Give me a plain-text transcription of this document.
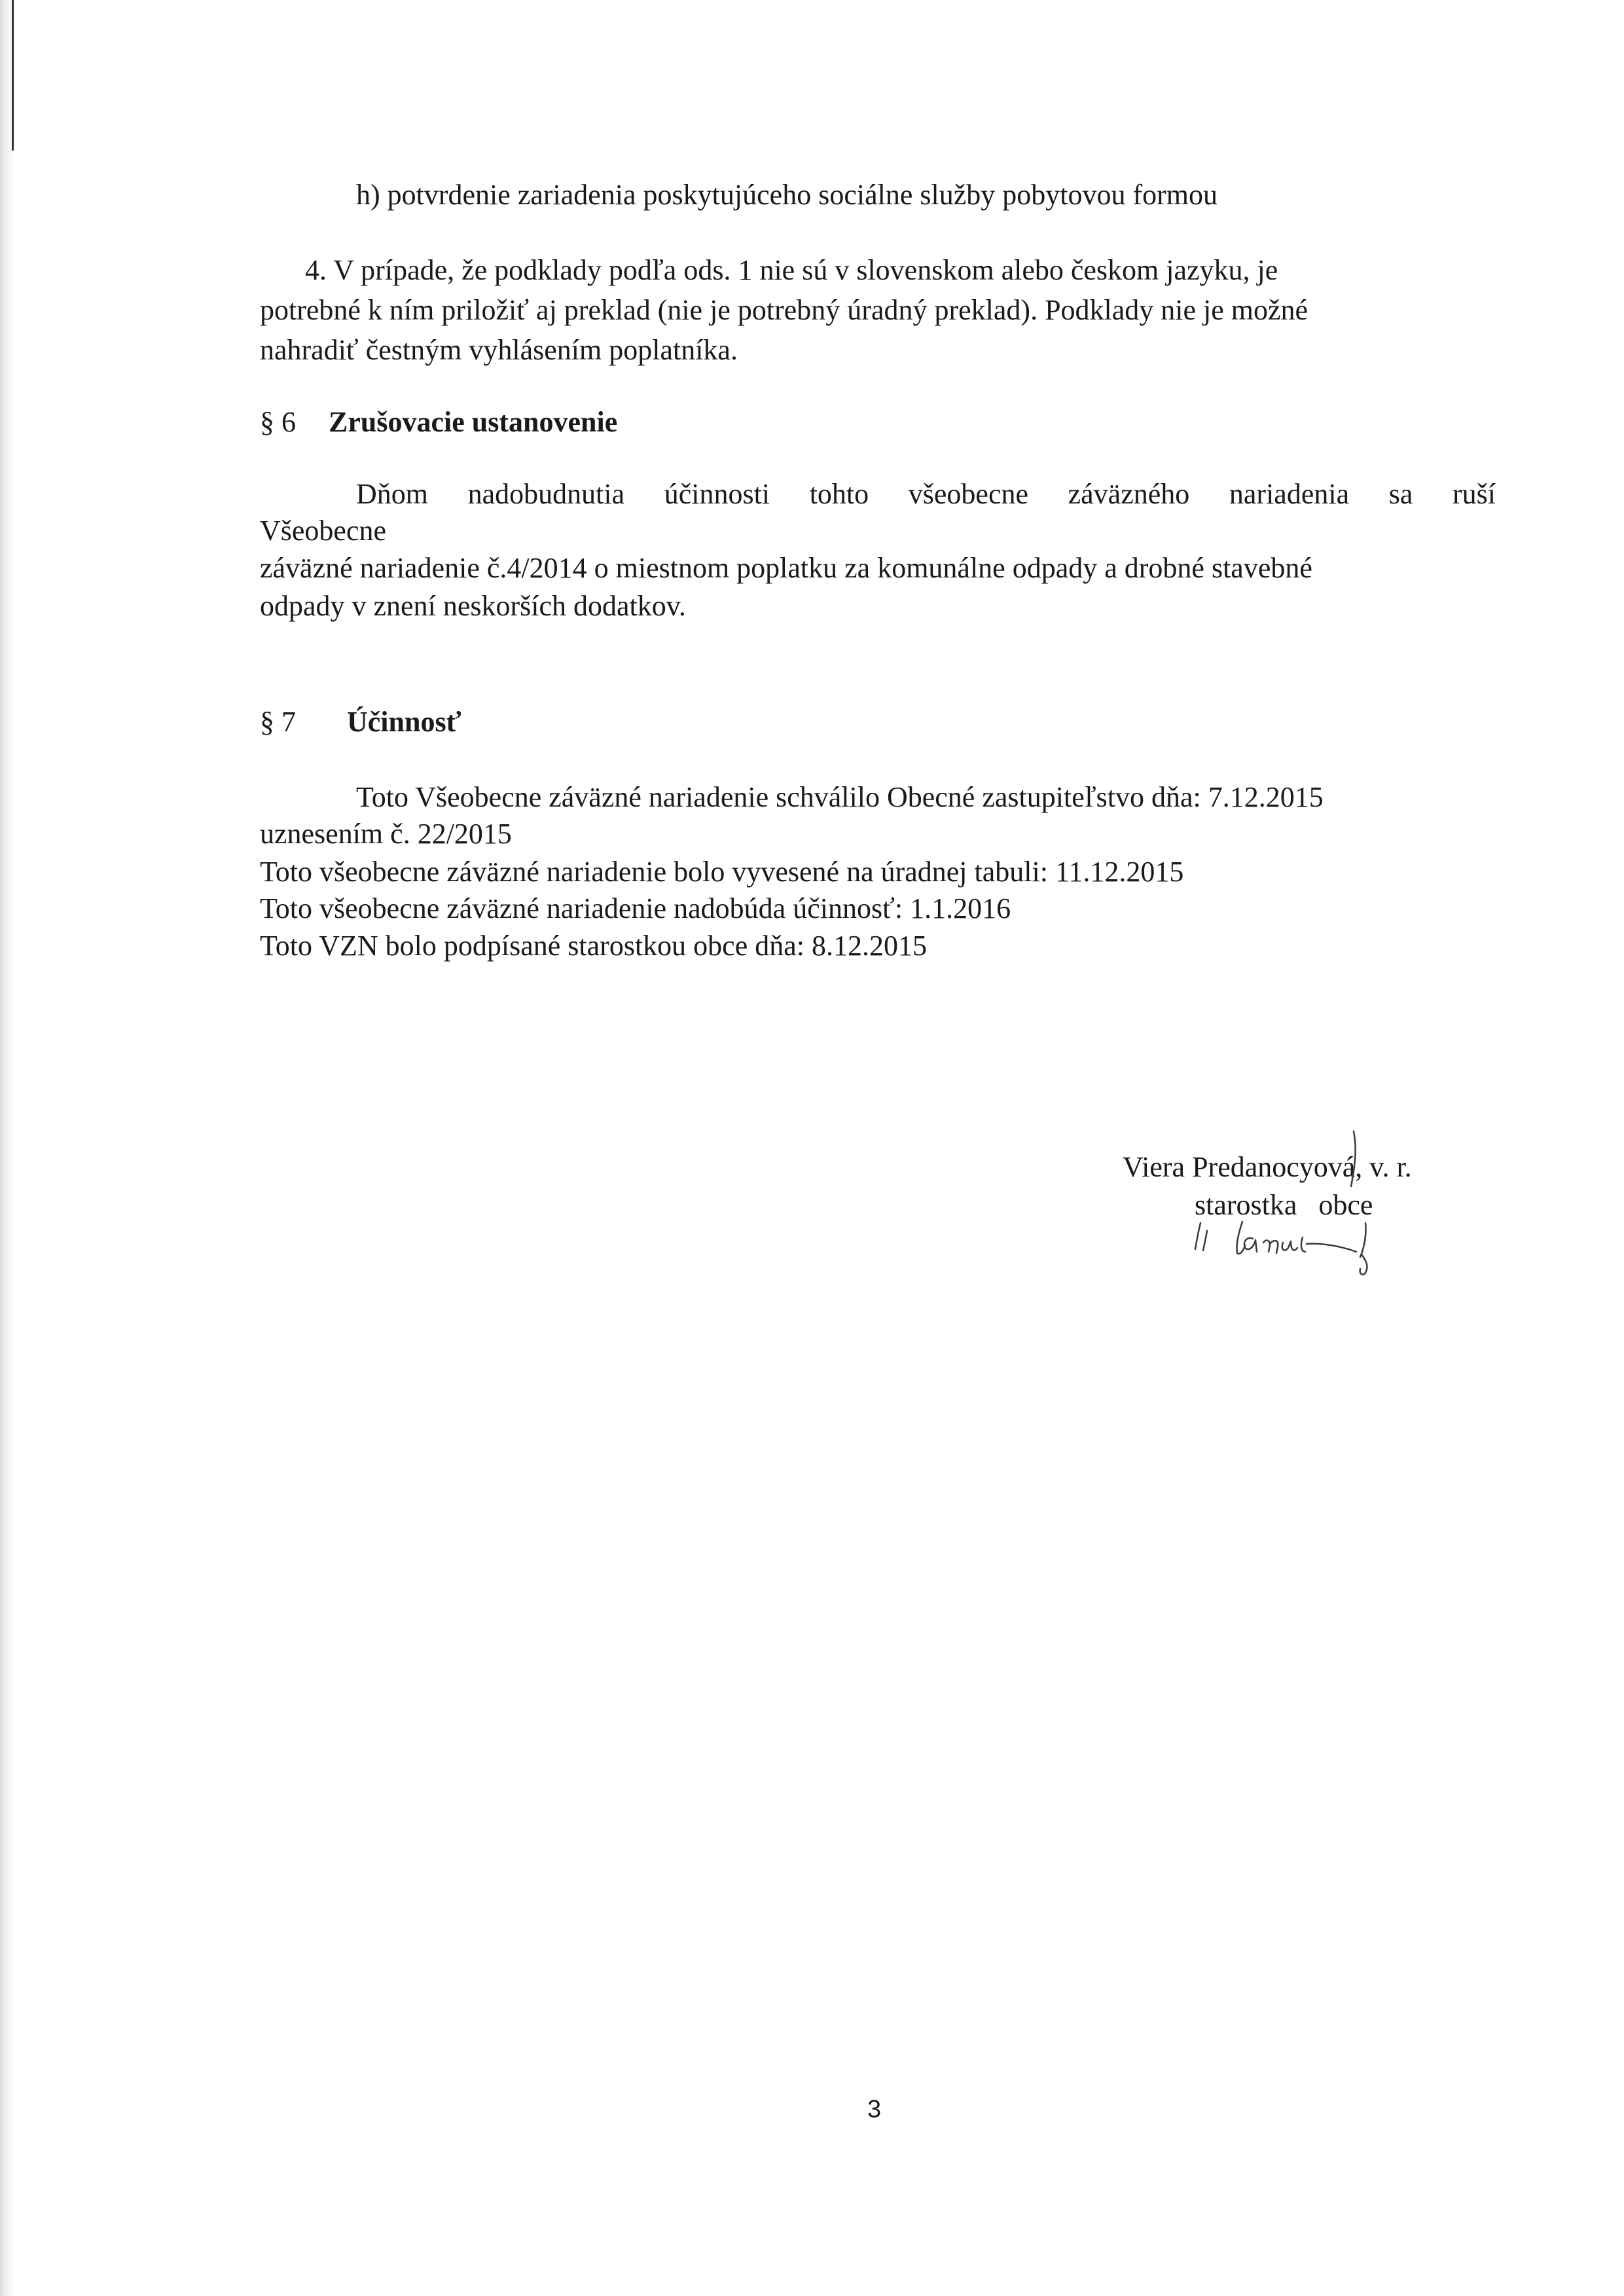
h) potvrdenie zariadenia poskytujúceho sociálne služby pobytovou formou
4. V prípade, že podklady podľa ods. 1 nie sú v slovenskom alebo českom jazyku, je
potrebné k ním priložiť aj preklad (nie je potrebný úradný preklad). Podklady nie je možné
nahradiť čestným vyhlásením poplatníka.
§ 6 Zrušovacie ustanovenie
Dňom nadobudnutia účinnosti tohto všeobecne záväzného nariadenia sa ruší
Všeobecne
záväzné nariadenie č.4/2014 o miestnom poplatku za komunálne odpady a drobné stavebné
odpady v znení neskorších dodatkov.
§ 7 Účinnosť
Toto Všeobecne záväzné nariadenie schválilo Obecné zastupiteľstvo dňa: 7.12.2015
uznesením č. 22/2015
Toto všeobecne záväzné nariadenie bolo vyvesené na úradnej tabuli: 11.12.2015
Toto všeobecne záväzné nariadenie nadobúda účinnosť: 1.1.2016
Toto VZN bolo podpísané starostkou obce dňa: 8.12.2015
Viera Predanocyová, v. r.
starostka   obce
3
